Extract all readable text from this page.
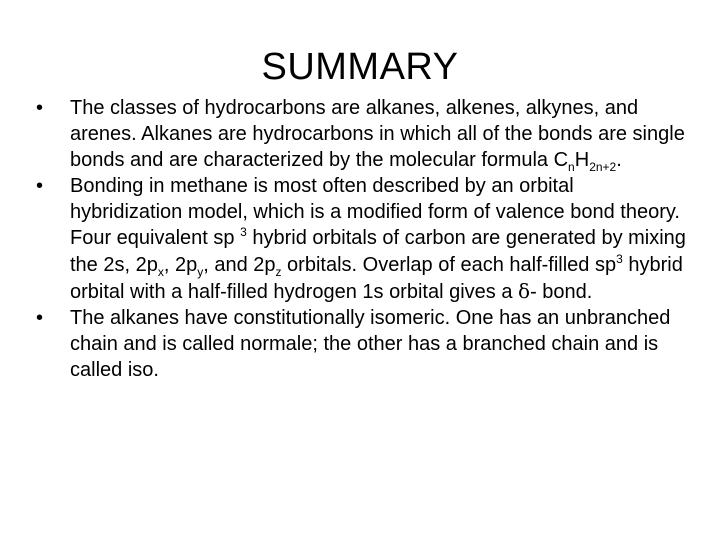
SUMMARY
•	The classes of hydrocarbons are alkanes, alkenes, alkynes, and arenes. Alkanes are hydrocarbons in which all of the bonds are single bonds and are characterized by the molecular formula $C_nH_{2n+2}$.
•	Bonding in methane is most often described by an orbital hybridization model, which is a modified form of valence bond theory. Four equivalent sp $^3$ hybrid orbitals of carbon are generated by mixing the 2s, $2p_x$, $2p_y$, and $2p_z$ orbitals. Overlap of each half-filled $sp^3$ hybrid orbital with a half-filled hydrogen 1s orbital gives a δ- bond.
•	The alkanes have constitutionally isomeric. One has an unbranched chain and is called normale; the other has a branched chain and is called iso.
